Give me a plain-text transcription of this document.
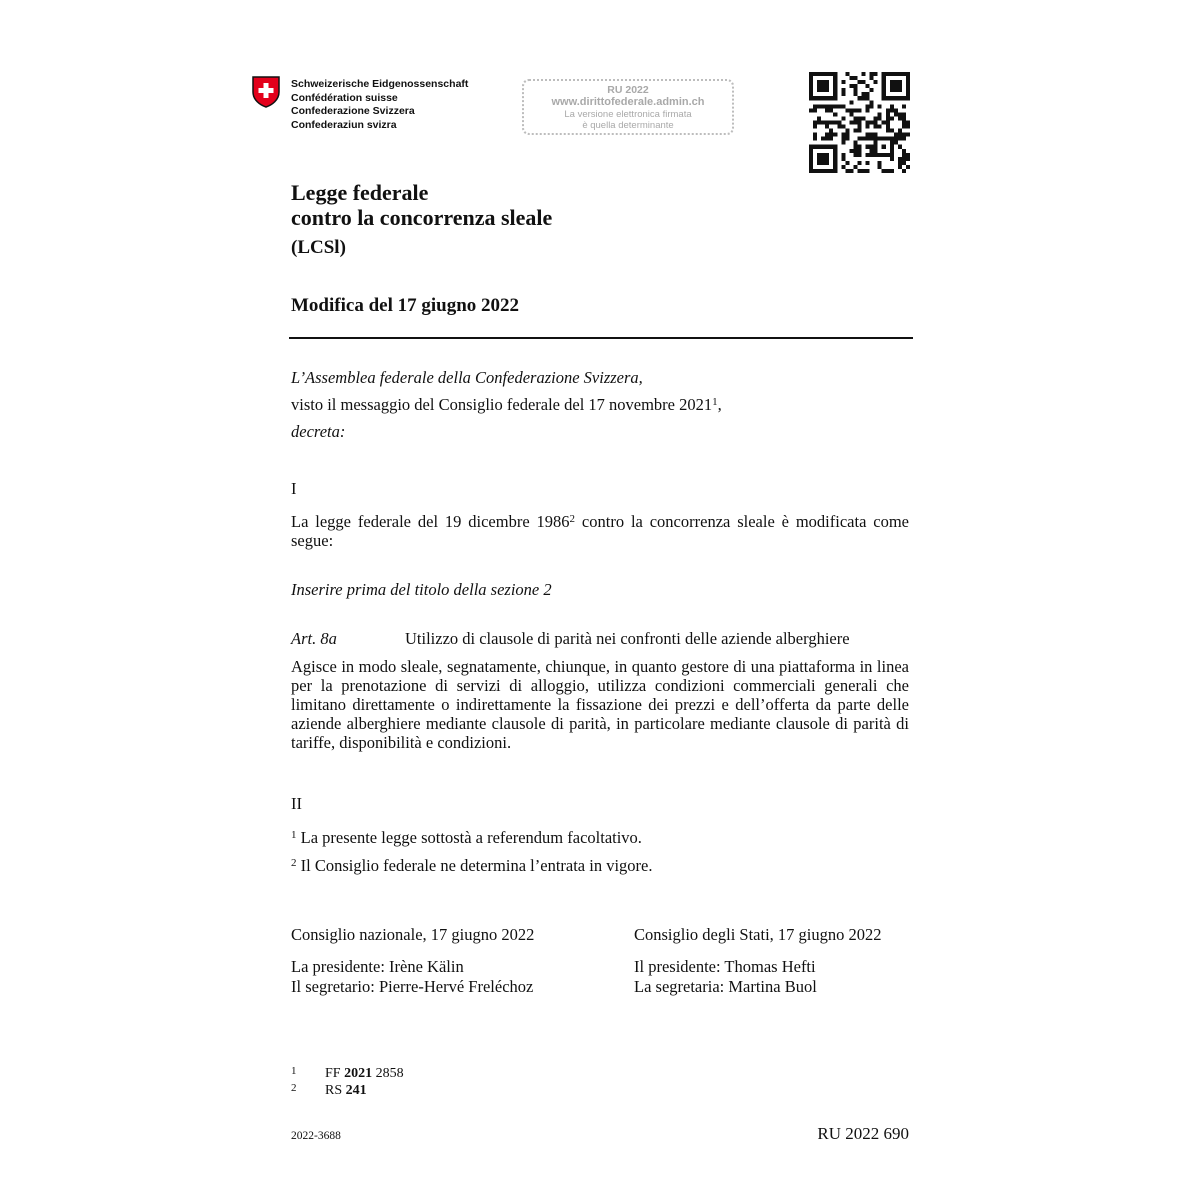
Schweizerische Eidgenossenschaft
Confédération suisse
Confederazione Svizzera
Confederaziun svizra
RU 2022
www.dirittofederale.admin.ch
La versione elettronica firmata
è quella determinante
Legge federale
contro la concorrenza sleale
(LCSl)
Modifica del 17 giugno 2022
L’Assemblea federale della Confederazione Svizzera,
visto il messaggio del Consiglio federale del 17 novembre 2021$^1$,
decreta:
I
La legge federale del 19 dicembre 1986$^2$ contro la concorrenza sleale è modificata come segue:
Inserire prima del titolo della sezione 2
Art. 8a	Utilizzo di clausole di parità nei confronti delle aziende alberghiere
Agisce in modo sleale, segnatamente, chiunque, in quanto gestore di una piattaforma in linea per la prenotazione di servizi di alloggio, utilizza condizioni commerciali generali che limitano direttamente o indirettamente la fissazione dei prezzi e dell’offerta da parte delle aziende alberghiere mediante clausole di parità, in particolare mediante clausole di parità di tariffe, disponibilità e condizioni.
II
$^1$ La presente legge sottostà a referendum facoltativo.
$^2$ Il Consiglio federale ne determina l’entrata in vigore.
Consiglio nazionale, 17 giugno 2022
La presidente: Irène Kälin
Il segretario: Pierre-Hervé Freléchoz
Consiglio degli Stati, 17 giugno 2022
Il presidente: Thomas Hefti
La segretaria: Martina Buol
1 FF 2021 2858
2 RS 241
2022-3688	RU 2022 690
